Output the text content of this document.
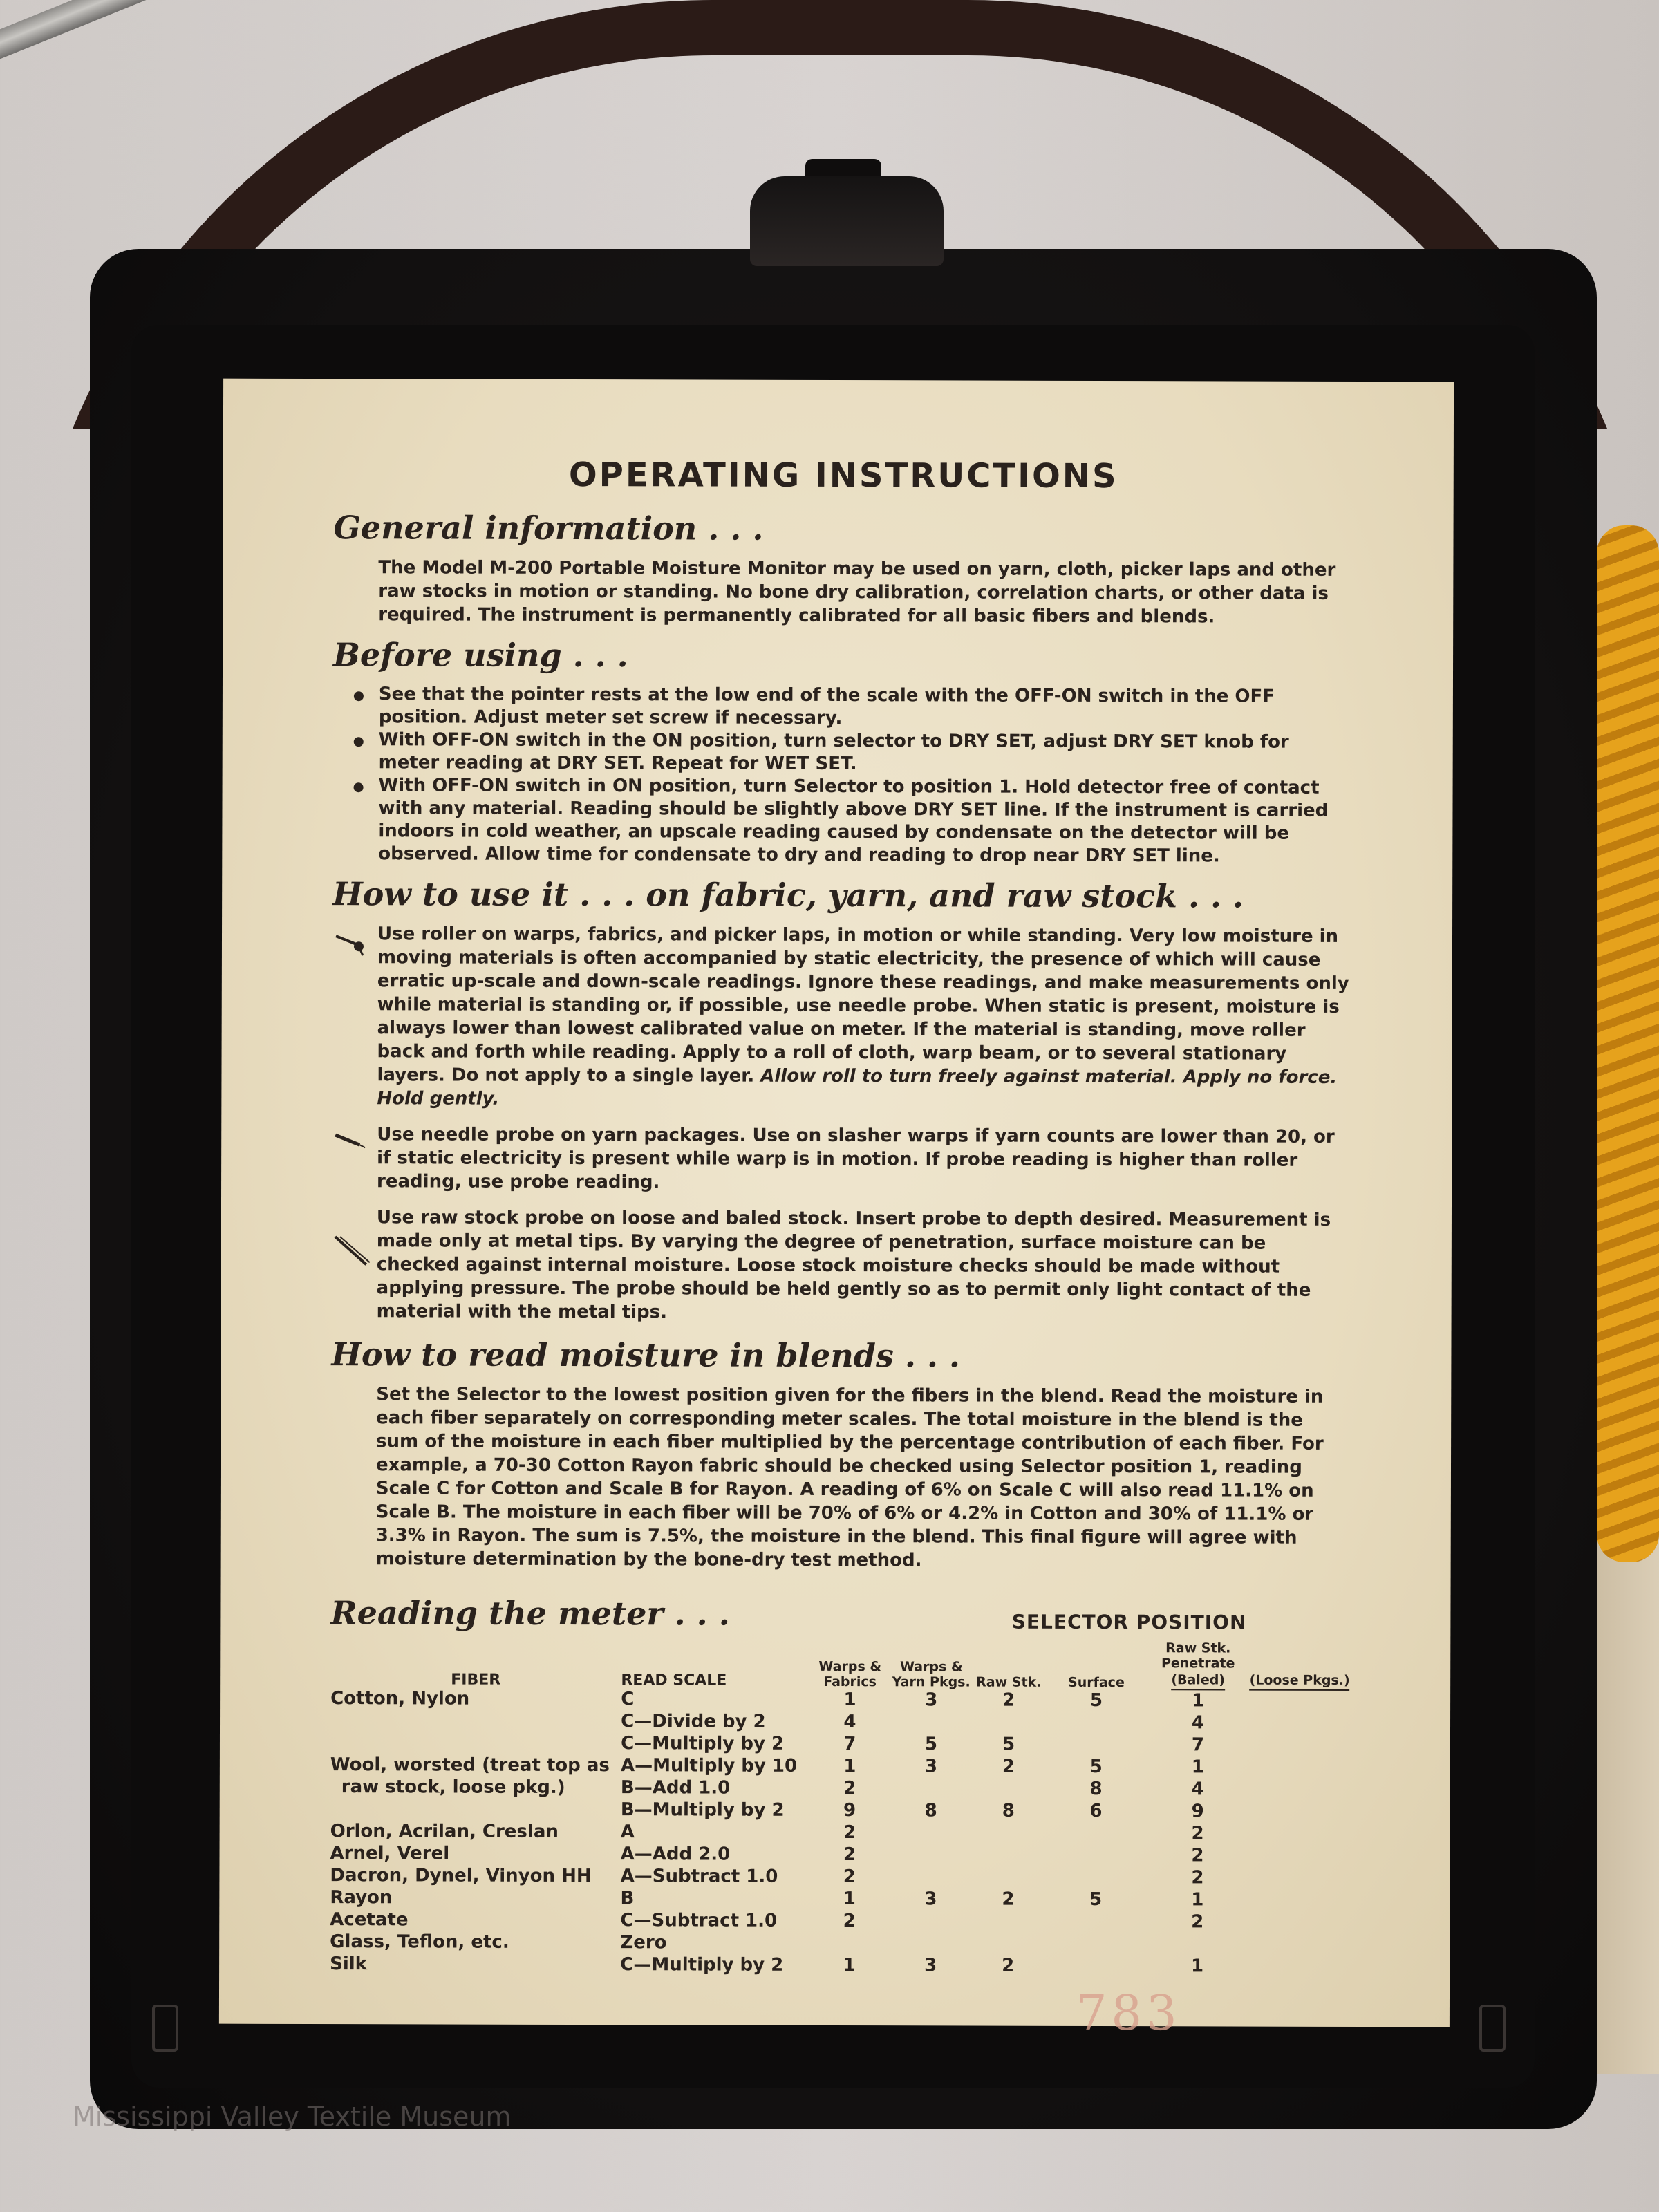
OPERATING INSTRUCTIONS
General information . . .

The Model M-200 Portable Moisture Monitor may be used on yarn, cloth, picker laps and other raw stocks in motion or standing. No bone dry calibration, correlation charts, or other data is required. The instrument is permanently calibrated for all basic fibers and blends.

Before using . . .
See that the pointer rests at the low end of the scale with the OFF-ON switch in the OFF position. Adjust meter set screw if necessary.
With OFF-ON switch in the ON position, turn selector to DRY SET, adjust DRY SET knob for meter reading at DRY SET. Repeat for WET SET.
With OFF-ON switch in ON position, turn Selector to position 1. Hold detector free of contact with any material. Reading should be slightly above DRY SET line. If the instrument is carried indoors in cold weather, an upscale reading caused by condensate on the detector will be observed. Allow time for condensate to dry and reading to drop near DRY SET line.
How to use it . . . on fabric, yarn, and raw stock . . .

Use roller on warps, fabrics, and picker laps, in motion or while standing. Very low moisture in moving materials is often accompanied by static electricity, the presence of which will cause erratic up-scale and down-scale readings. Ignore these readings, and make measurements only while material is standing or, if possible, use needle probe. When static is present, moisture is always lower than lowest calibrated value on meter. If the material is standing, move roller back and forth while reading. Apply to a roll of cloth, warp beam, or to several stationary layers. Do not apply to a single layer. Allow roll to turn freely against material. Apply no force. Hold gently.

Use needle probe on yarn packages. Use on slasher warps if yarn counts are lower than 20, or if static electricity is present while warp is in motion. If probe reading is higher than roller reading, use probe reading.

Use raw stock probe on loose and baled stock. Insert probe to depth desired. Measurement is made only at metal tips. By varying the degree of penetration, surface moisture can be checked against internal moisture. Loose stock moisture checks should be made without applying pressure. The probe should be held gently so as to permit only light contact of the material with the metal tips.

How to read moisture in blends . . .

Set the Selector to the lowest position given for the fibers in the blend. Read the moisture in each fiber separately on corresponding meter scales. The total moisture in the blend is the sum of the moisture in each fiber multiplied by the percentage contribution of each fiber. For example, a 70-30 Cotton Rayon fabric should be checked using Selector position 1, reading Scale C for Cotton and Scale B for Rayon. A reading of 6% on Scale C will also read 11.1% on Scale B. The moisture in each fiber will be 70% of 6% or 4.2% in Cotton and 30% of 11.1% or 3.3% in Rayon. The sum is 7.5%, the moisture in the blend. This final figure will agree with moisture determination by the bone-dry test method.

Reading the meter . . .	SELECTOR POSITION
FIBER	READ SCALE	Warps & Fabrics	Warps & Yarn Pkgs.	Raw Stk.	Surface	Raw Stk. Penetrate
(Baled)	(Loose Pkgs.)
Cotton, Nylon	C	1	3	2	5	1	
	C—Divide by 2	4				4	
	C—Multiply by 2	7	5	5		7	
Wool, worsted (treat top as	A—Multiply by 10	1	3	2	5	1	
raw stock, loose pkg.)	B—Add 1.0	2			8	4	
	B—Multiply by 2	9	8	8	6	9	
Orlon, Acrilan, Creslan	A	2				2	
Arnel, Verel	A—Add 2.0	2				2	
Dacron, Dynel, Vinyon HH	A—Subtract 1.0	2				2	
Rayon	B	1	3	2	5	1	
Acetate	C—Subtract 1.0	2				2	
Glass, Teflon, etc.	Zero						
Silk	C—Multiply by 2	1	3	2		1	
783
Mississippi Valley Textile Museum
